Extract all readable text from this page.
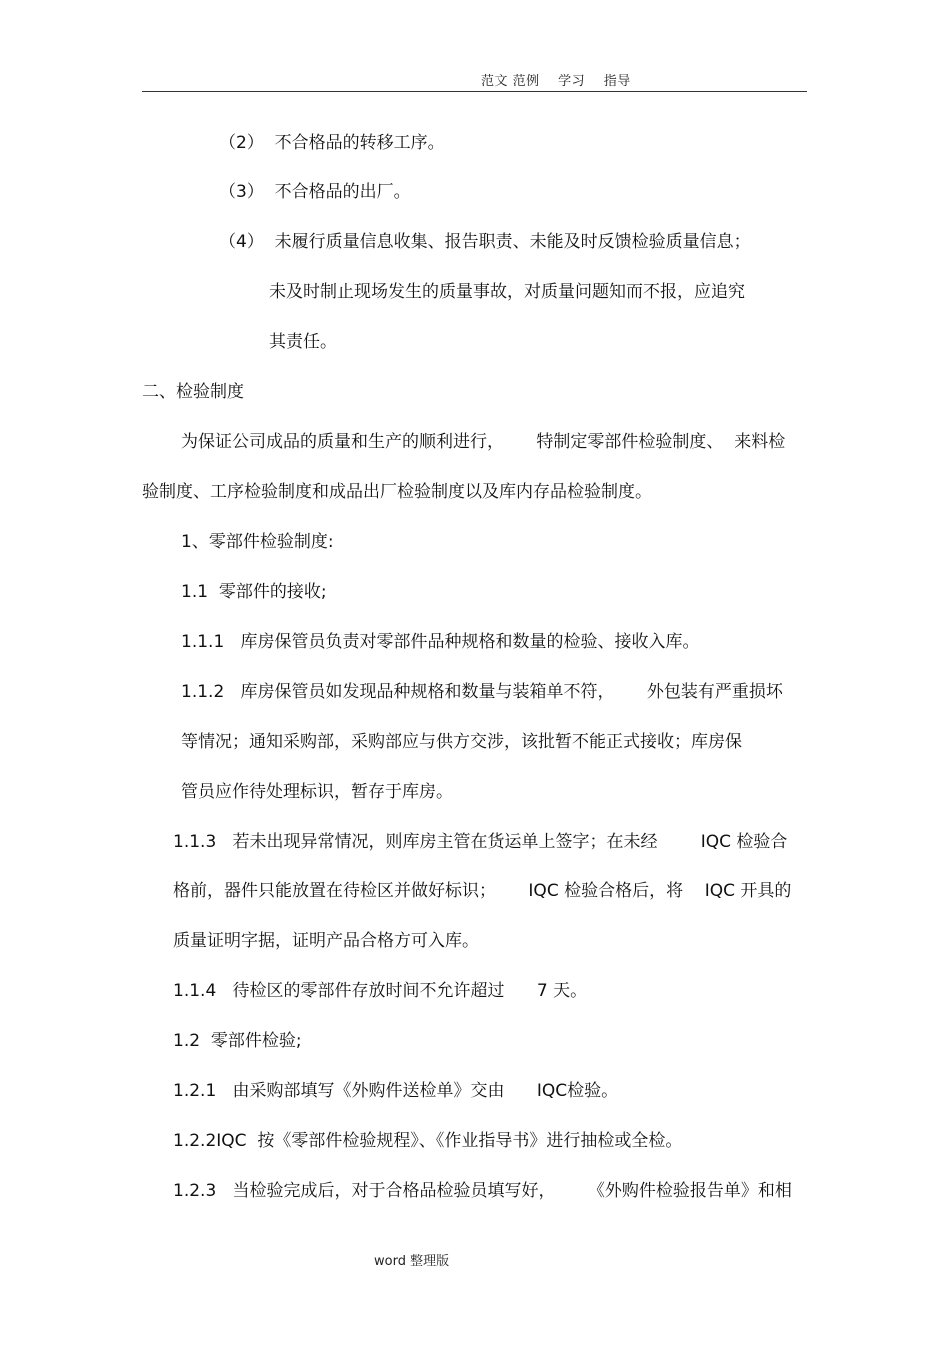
范文 范例    学习    指导
（2）  不合格品的转移工序。
（3）  不合格品的出厂。
（4）  未履行质量信息收集、报告职责、未能及时反馈检验质量信息；
未及时制止现场发生的质量事故，对质量问题知而不报，应追究
其责任。
二、检验制度
为保证公司成品的质量和生产的顺利进行，      特制定零部件检验制度、  来料检
验制度、工序检验制度和成品出厂检验制度以及库内存品检验制度。
1、零部件检验制度:
1.1  零部件的接收;
1.1.1   库房保管员负责对零部件品种规格和数量的检验、接收入库。
1.1.2   库房保管员如发现品种规格和数量与装箱单不符，      外包装有严重损坏
等情况；通知采购部，采购部应与供方交涉，该批暂不能正式接收；库房保
管员应作待处理标识，暂存于库房。
1.1.3   若未出现异常情况，则库房主管在货运单上签字；在未经        IQC 检验合
格前，器件只能放置在待检区并做好标识；      IQC 检验合格后，将    IQC 开具的
质量证明字据，证明产品合格方可入库。
1.1.4   待检区的零部件存放时间不允许超过      7 天。
1.2  零部件检验;
1.2.1   由采购部填写《外购件送检单》交由      IQC检验。
1.2.2IQC  按《零部件检验规程》、《作业指导书》进行抽检或全检。
1.2.3   当检验完成后，对于合格品检验员填写好，      《外购件检验报告单》和相
word 整理版
